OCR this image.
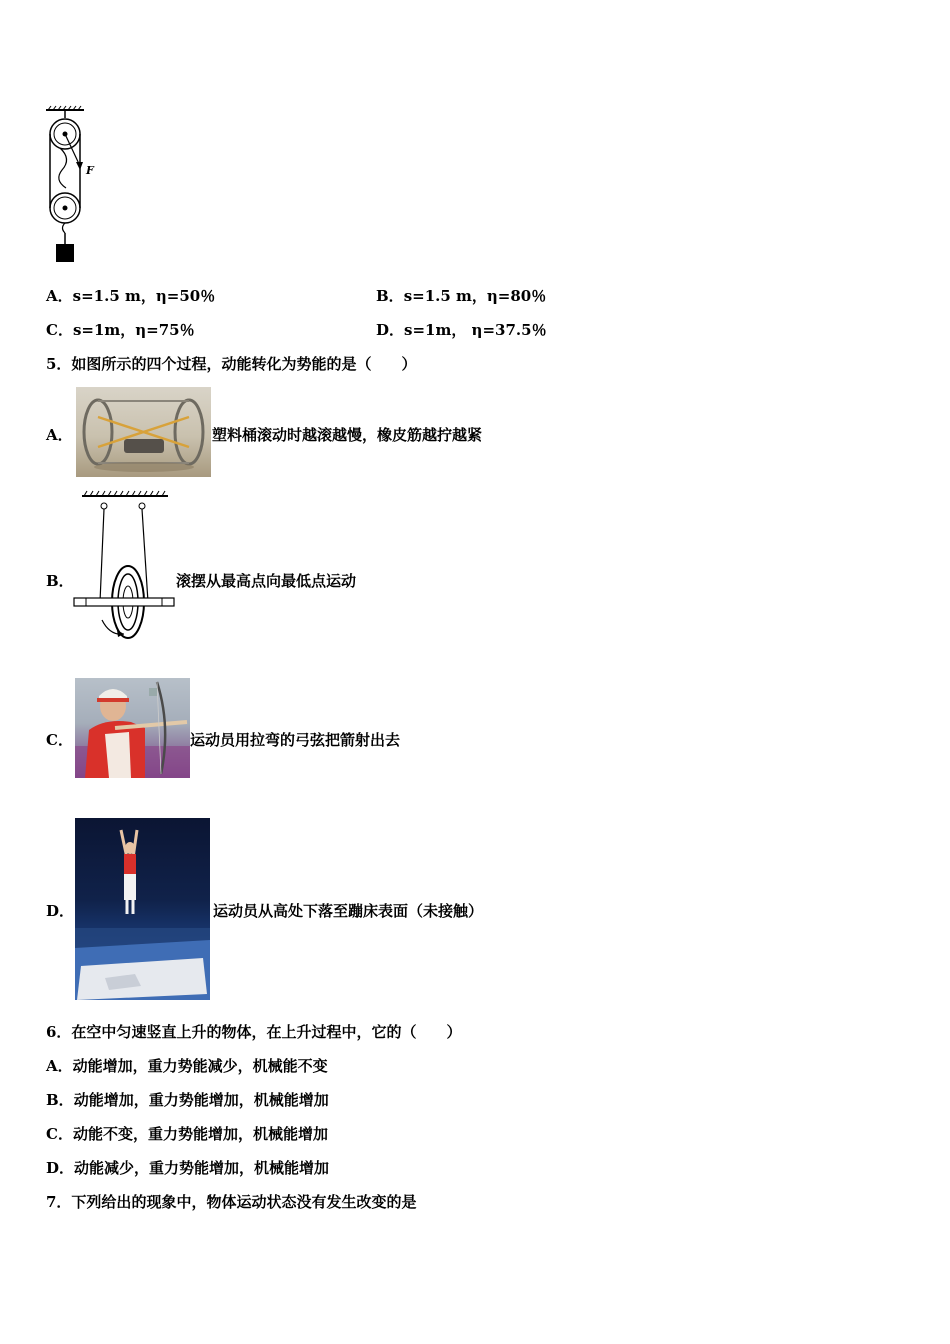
F
A．s=1.5 m，η=50％	B．s=1.5 m，η=80％
C．s=1m，η=75％	D．s=1m， η=37.5％
5．如图所示的四个过程，动能转化为势能的是（　　）
A．	塑料桶滚动时越滚越慢，橡皮筋越拧越紧
B．	滚摆从最高点向最低点运动
C．	运动员用拉弯的弓弦把箭射出去
D．	运动员从高处下落至蹦床表面（未接触）
6．在空中匀速竖直上升的物体，在上升过程中，它的（　　）
A．动能增加，重力势能减少，机械能不变
B．动能增加，重力势能增加，机械能增加
C．动能不变，重力势能增加，机械能增加
D．动能减少，重力势能增加，机械能增加
7．下列给出的现象中，物体运动状态没有发生改变的是
